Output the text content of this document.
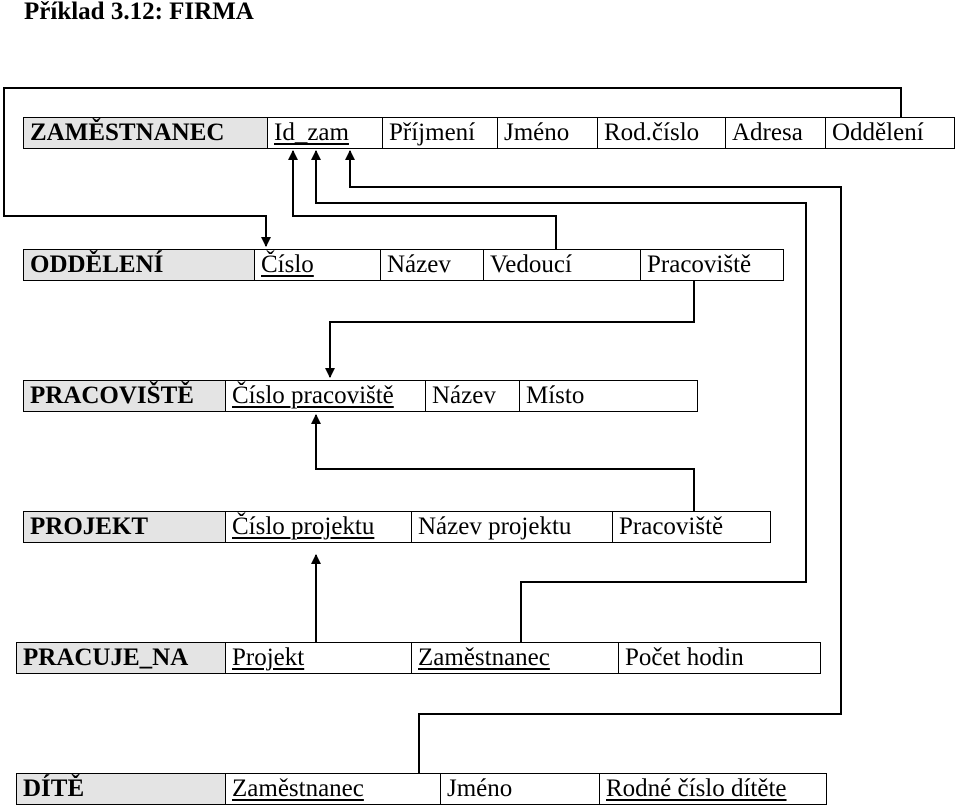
Příklad 3.12: FIRMA
ZAMĚSTNANEC	Id_zam	Příjmení	Jméno	Rod.číslo	Adresa	Oddělení
ODDĚLENÍ	Číslo	Název	Vedoucí	Pracoviště
PRACOVIŠTĚ	Číslo pracoviště	Název	Místo
PROJEKT	Číslo projektu	Název projektu	Pracoviště
PRACUJE_NA	Projekt	Zaměstnanec	Počet hodin
DÍTĚ	Zaměstnanec	Jméno	Rodné číslo dítěte
